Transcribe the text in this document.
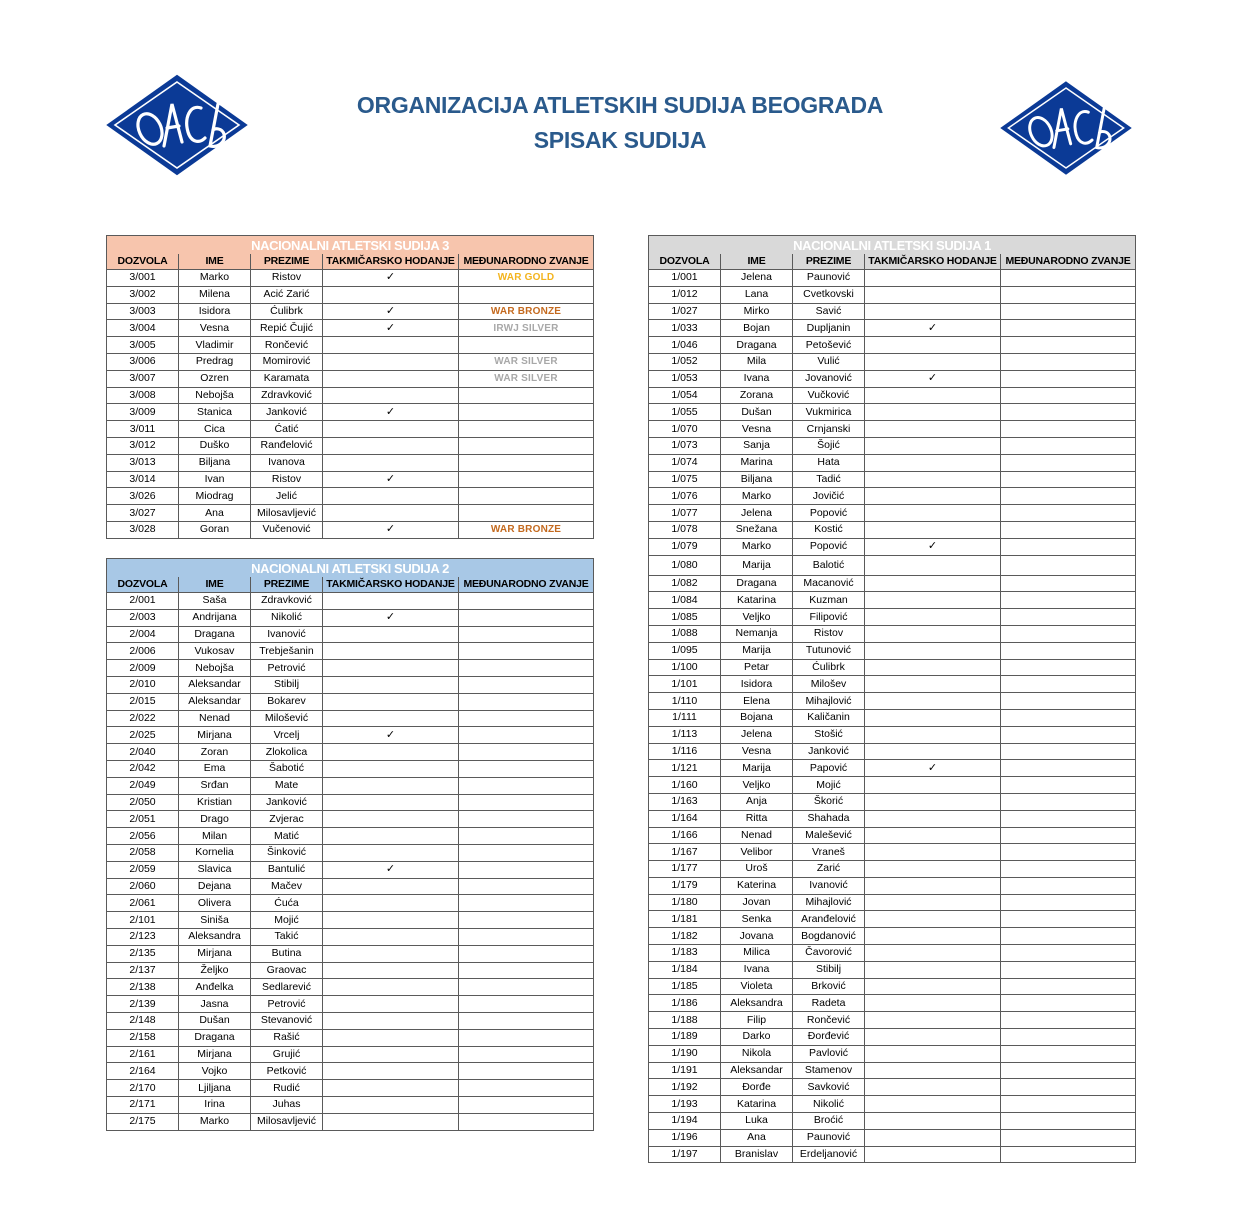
ORGANIZACIJA ATLETSKIH SUDIJA BEOGRADA
SPISAK SUDIJA
NACIONALNI ATLETSKI SUDIJA 3				
DOZVOLA	IME	PREZIME	TAKMIČARSKO HODANJE	MEĐUNARODNO ZVANJE
3/001	Marko	Ristov	✓	WAR GOLD
3/002	Milena	Acić Zarić		
3/003	Isidora	Ćulibrk	✓	WAR BRONZE
3/004	Vesna	Repić Čujić	✓	IRWJ SILVER
3/005	Vladimir	Rončević		
3/006	Predrag	Momirović		WAR SILVER
3/007	Ozren	Karamata		WAR SILVER
3/008	Nebojša	Zdravković		
3/009	Stanica	Janković	✓	
3/011	Cica	Ćatić		
3/012	Duško	Ranđelović		
3/013	Biljana	Ivanova		
3/014	Ivan	Ristov	✓	
3/026	Miodrag	Jelić		
3/027	Ana	Milosavljević		
3/028	Goran	Vučenović	✓	WAR BRONZE
NACIONALNI ATLETSKI SUDIJA 2				
DOZVOLA	IME	PREZIME	TAKMIČARSKO HODANJE	MEĐUNARODNO ZVANJE
2/001	Saša	Zdravković		
2/003	Andrijana	Nikolić	✓	
2/004	Dragana	Ivanović		
2/006	Vukosav	Trebješanin		
2/009	Nebojša	Petrović		
2/010	Aleksandar	Stibilj		
2/015	Aleksandar	Bokarev		
2/022	Nenad	Milošević		
2/025	Mirjana	Vrcelj	✓	
2/040	Zoran	Zlokolica		
2/042	Ema	Šabotić		
2/049	Srđan	Mate		
2/050	Kristian	Janković		
2/051	Drago	Zvjerac		
2/056	Milan	Matić		
2/058	Kornelia	Šinković		
2/059	Slavica	Bantulić	✓	
2/060	Dejana	Mačev		
2/061	Olivera	Ćuća		
2/101	Siniša	Mojić		
2/123	Aleksandra	Takić		
2/135	Mirjana	Butina		
2/137	Željko	Graovac		
2/138	Anđelka	Sedlarević		
2/139	Jasna	Petrović		
2/148	Dušan	Stevanović		
2/158	Dragana	Rašić		
2/161	Mirjana	Grujić		
2/164	Vojko	Petković		
2/170	Ljiljana	Rudić		
2/171	Irina	Juhas		
2/175	Marko	Milosavljević		
NACIONALNI ATLETSKI SUDIJA 1				
DOZVOLA	IME	PREZIME	TAKMIČARSKO HODANJE	MEĐUNARODNO ZVANJE
1/001	Jelena	Paunović		
1/012	Lana	Cvetkovski		
1/027	Mirko	Savić		
1/033	Bojan	Dupljanin	✓	
1/046	Dragana	Petošević		
1/052	Mila	Vulić		
1/053	Ivana	Jovanović	✓	
1/054	Zorana	Vučković		
1/055	Dušan	Vukmirica		
1/070	Vesna	Crnjanski		
1/073	Sanja	Šojić		
1/074	Marina	Hata		
1/075	Biljana	Tadić		
1/076	Marko	Jovičić		
1/077	Jelena	Popović		
1/078	Snežana	Kostić		
1/079	Marko	Popović	✓	
1/080	Marija	Balotić		
1/082	Dragana	Macanović		
1/084	Katarina	Kuzman		
1/085	Veljko	Filipović		
1/088	Nemanja	Ristov		
1/095	Marija	Tutunović		
1/100	Petar	Ćulibrk		
1/101	Isidora	Milošev		
1/110	Elena	Mihajlović		
1/111	Bojana	Kaličanin		
1/113	Jelena	Stošić		
1/116	Vesna	Janković		
1/121	Marija	Papović	✓	
1/160	Veljko	Mojić		
1/163	Anja	Škorić		
1/164	Ritta	Shahada		
1/166	Nenad	Malešević		
1/167	Velibor	Vraneš		
1/177	Uroš	Zarić		
1/179	Katerina	Ivanović		
1/180	Jovan	Mihajlović		
1/181	Senka	Aranđelović		
1/182	Jovana	Bogdanović		
1/183	Milica	Čavorović		
1/184	Ivana	Stibilj		
1/185	Violeta	Brković		
1/186	Aleksandra	Radeta		
1/188	Filip	Rončević		
1/189	Darko	Đorđević		
1/190	Nikola	Pavlović		
1/191	Aleksandar	Stamenov		
1/192	Đorđe	Savković		
1/193	Katarina	Nikolić		
1/194	Luka	Broćić		
1/196	Ana	Paunović		
1/197	Branislav	Erdeljanović		
